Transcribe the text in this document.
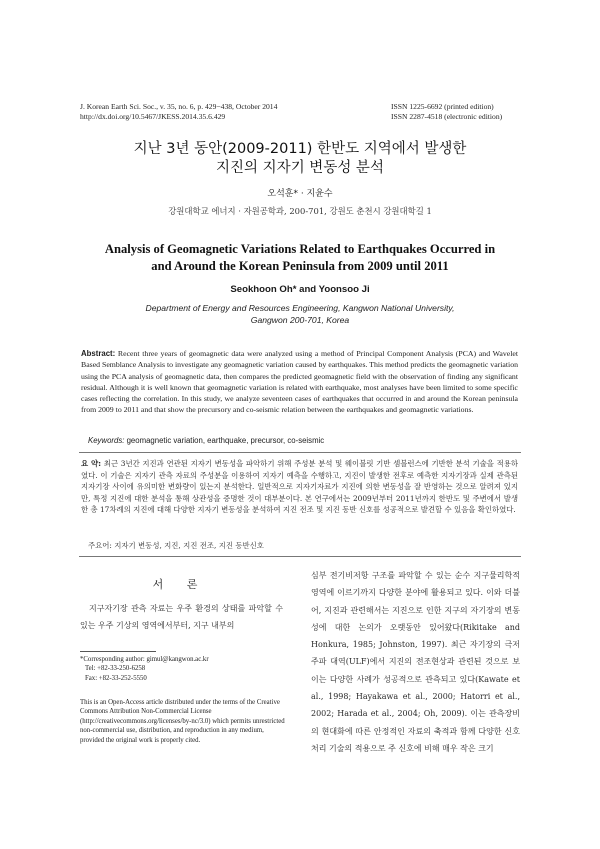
J. Korean Earth Sci. Soc., v. 35, no. 6, p. 429−438, October 2014
http://dx.doi.org/10.5467/JKESS.2014.35.6.429
ISSN 1225-6692 (printed edition)
ISSN 2287-4518 (electronic edition)
지난 3년 동안(2009-2011) 한반도 지역에서 발생한
지진의 지자기 변동성 분석
오석훈* · 지윤수
강원대학교 에너지 · 자원공학과, 200-701, 강원도 춘천시 강원대학길 1
Analysis of Geomagnetic Variations Related to Earthquakes Occurred in
and Around the Korean Peninsula from 2009 until 2011
Seokhoon Oh* and Yoonsoo Ji
Department of Energy and Resources Engineering, Kangwon National University,
Gangwon 200-701, Korea
Abstract: Recent three years of geomagnetic data were analyzed using a method of Principal Component Analysis (PCA) and Wavelet Based Semblance Analysis to investigate any geomagnetic variation caused by earthquakes. This method predicts the geomagnetic variation using the PCA analysis of geomagnetic data, then compares the predicted geomagnetic field with the observation of finding any significant residual. Although it is well known that geomagnetic variation is related with earthquake, most analyses have been limited to some specific cases reflecting the correlation. In this study, we analyze seventeen cases of earthquakes that occurred in and around the Korean peninsula from 2009 to 2011 and that show the precursory and co-seismic relation between the earthquakes and geomagnetic variations.
Keywords: geomagnetic variation, earthquake, precursor, co-seismic
요 약: 최근 3년간 지진과 연관된 지자기 변동성을 파악하기 위해 주성분 분석 및 웨이블릿 기반 셈블런스에 기반한 분석 기술을 적용하였다. 이 기술은 지자기 관측 자료의 주성분을 이용하여 지자기 예측을 수행하고, 지진이 발생한 전후로 예측한 지자기장과 실제 관측된 지자기장 사이에 유의미한 변화량이 있는지 분석한다. 일반적으로 지자기자료가 지진에 의한 변동성을 잘 반영하는 것으로 알려져 있지만, 특정 지진에 대한 분석을 통해 상관성을 증명한 것이 대부분이다. 본 연구에서는 2009년부터 2011년까지 한반도 및 주변에서 발생한 총 17차례의 지진에 대해 다양한 지자기 변동성을 분석하여 지진 전조 및 지진 동반 신호를 성공적으로 발견할 수 있음을 확인하였다.
주요어: 지자기 변동성, 지진, 지진 전조, 지진 동반신호
서 론
지구자기장 관측 자료는 우주 환경의 상태를 파악할 수 있는 우주 기상의 영역에서부터, 지구 내부의
심부 전기비저항 구조를 파악할 수 있는 순수 지구물리학적 영역에 이르기까지 다양한 분야에 활용되고 있다. 이와 더불어, 지진과 관련해서는 지진으로 인한 지구의 자기장의 변동성에 대한 논의가 오랫동안 있어왔다(Rikitake and Honkura, 1985; Johnston, 1997). 최근 자기장의 극저주파 대역(ULF)에서 지진의 전조현상과 관련된 것으로 보이는 다양한 사례가 성공적으로 관측되고 있다(Kawate et al., 1998; Hayakawa et al., 2000; Hatorri et al., 2002; Harada et al., 2004; Oh, 2009). 이는 관측장비의 현대화에 따른 안정적인 자료의 축적과 함께 다양한 신호 처리 기술의 적용으로 주 신호에 비해 매우 작은 크기
*Corresponding author: gimul@kangwon.ac.kr
Tel: +82-33-250-6258
Fax: +82-33-252-5550
This is an Open-Access article distributed under the terms of the Creative Commons Attribution Non-Commercial License (http://creativecommons.org/licenses/by-nc/3.0) which permits unrestricted non-commercial use, distribution, and reproduction in any medium, provided the original work is properly cited.
